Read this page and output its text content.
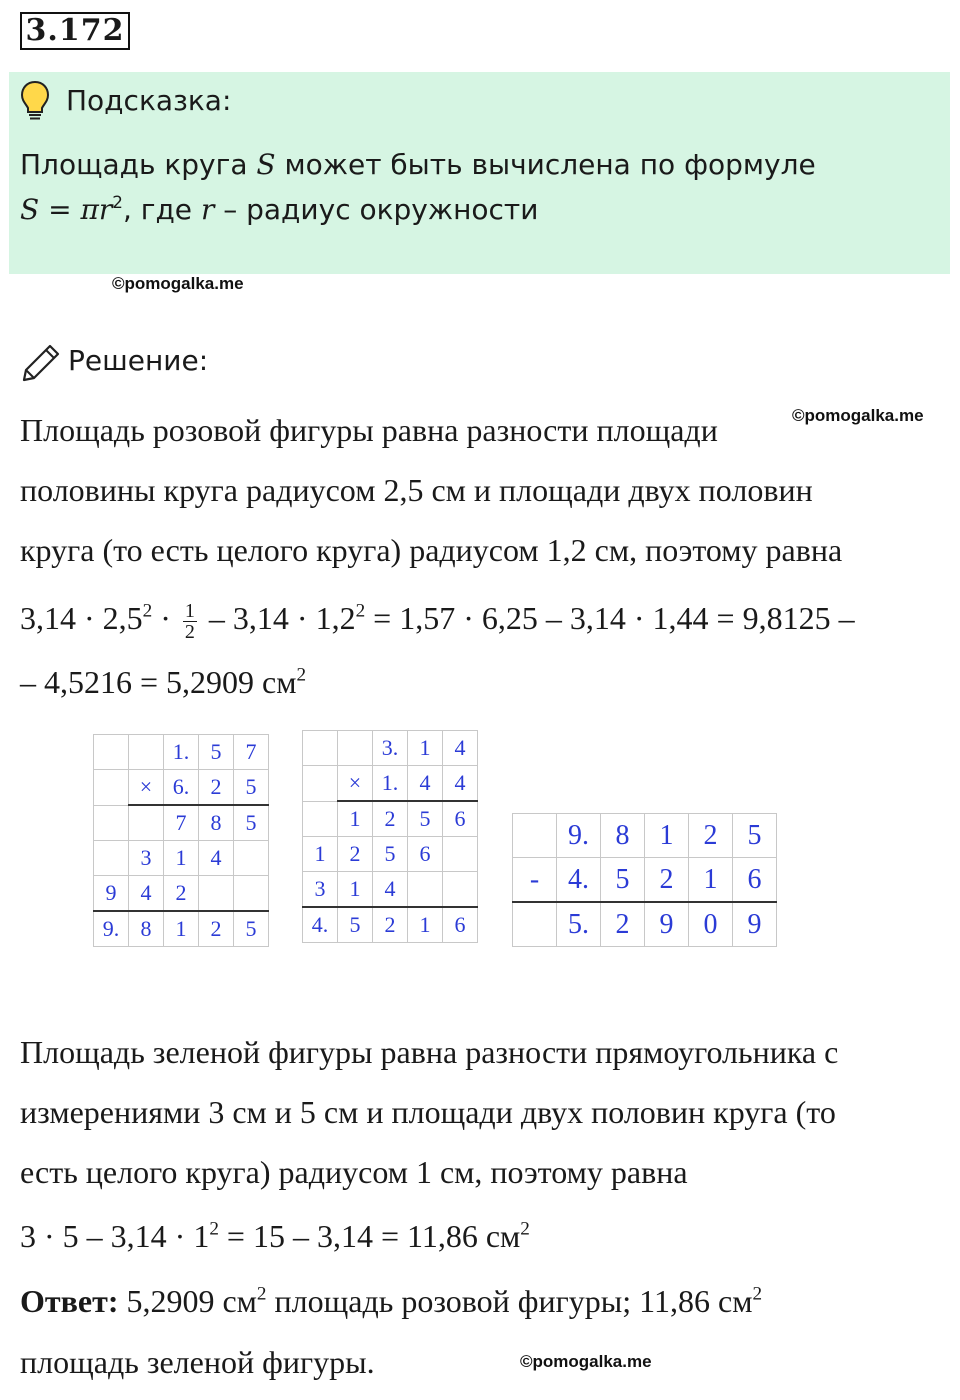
3.172
Подсказка:
Площадь круга S может быть вычислена по формуле
$S = \pi r^2$, где r – радиус окружности
©pomogalka.me
Решение:
©pomogalka.me
Площадь розовой фигуры равна разности площади
половины круга радиусом 2,5 см и площади двух половин
круга (то есть целого круга) радиусом 1,2 см, поэтому равна
$3,14 \cdot 2,5^2 \cdot \frac{1}{2} - 3,14 \cdot 1,2^2 = 1,57 \cdot 6,25 - 3,14 \cdot 1,44 = 9,8125$ –
– 4,5216 = 5,2909 $см^2$
		1.	5	7
	×	6.	2	5
		7	8	5
	3	1	4	
9	4	2		
9.	8	1	2	5
		3.	1	4
	×	1.	4	4
	1	2	5	6
1	2	5	6	
3	1	4		
4.	5	2	1	6
	9.	8	1	2	5
-	4.	5	2	1	6
	5.	2	9	0	9
Площадь зеленой фигуры равна разности прямоугольника с
измерениями 3 см и 5 см и площади двух половин круга (то
есть целого круга) радиусом 1 см, поэтому равна
$3 \cdot 5 - 3,14 \cdot 1^2 = 15 - 3,14 = 11,86$ $см^2$
Ответ: 5,2909 $см^2$ площадь розовой фигуры; 11,86 $см^2$
площадь зеленой фигуры.	©pomogalka.me
